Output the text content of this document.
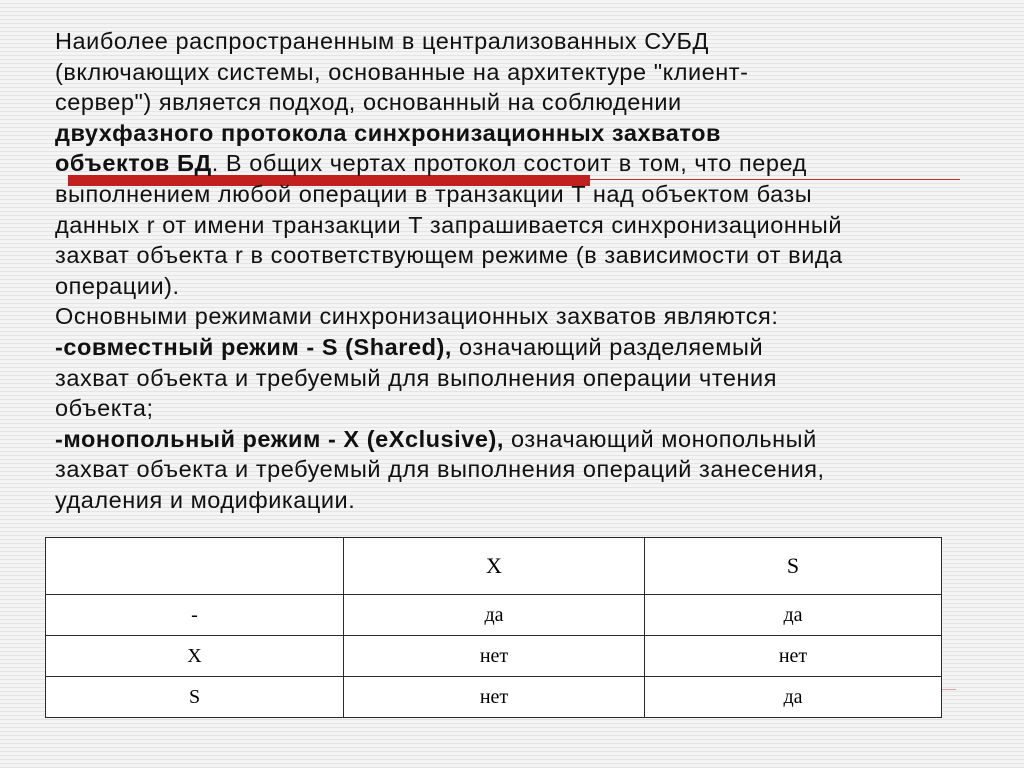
Наиболее распространенным в централизованных СУБД
(включающих системы, основанные на архитектуре "клиент-
сервер") является подход, основанный на соблюдении
двухфазного протокола синхронизационных захватов
объектов БД. В общих чертах протокол состоит в том, что перед
выполнением любой операции в транзакции T над объектом базы
данных r от имени транзакции T запрашивается синхронизационный
захват объекта r в соответствующем режиме (в зависимости от вида
операции).
Основными режимами синхронизационных захватов являются:
-совместный режим - S (Shared), означающий разделяемый
захват объекта и требуемый для выполнения операции чтения
объекта;
-монопольный режим - X (eXclusive), означающий монопольный
захват объекта и требуемый для выполнения операций занесения,
удаления и модификации.
	X	S
-	да	да
X	нет	нет
S	нет	да
